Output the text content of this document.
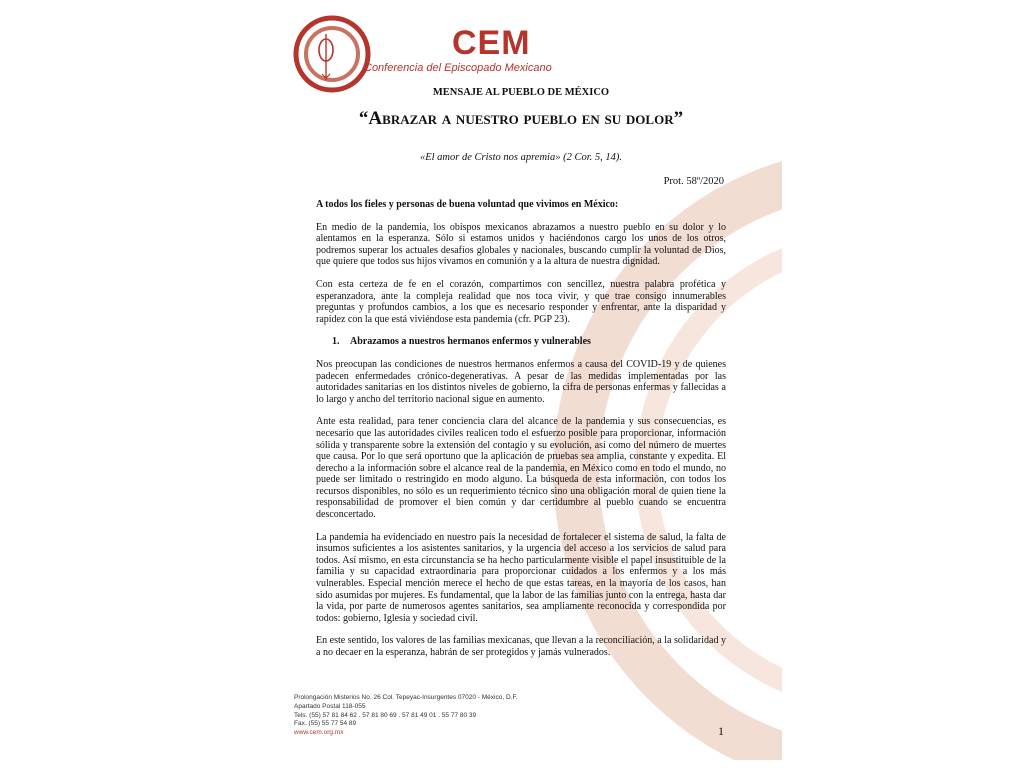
CEM
Conferencia del Episcopado Mexicano
MENSAJE AL PUEBLO DE MÉXICO
“Abrazar a nuestro pueblo en su dolor”
«El amor de Cristo nos apremia» (2 Cor. 5, 14).
Prot. 58º/2020

A todos los fieles y personas de buena voluntad que vivimos en México:

En medio de la pandemia, los obispos mexicanos abrazamos a nuestro pueblo en su dolor y lo alentamos en la esperanza. Sólo si estamos unidos y haciéndonos cargo los unos de los otros, podremos superar los actuales desafíos globales y nacionales, buscando cumplir la voluntad de Dios, que quiere que todos sus hijos vivamos en comunión y a la altura de nuestra dignidad.

Con esta certeza de fe en el corazón, compartimos con sencillez, nuestra palabra profética y esperanzadora, ante la compleja realidad que nos toca vivir, y que trae consigo innumerables preguntas y profundos cambios, a los que es necesario responder y enfrentar, ante la disparidad y rapidez con la que está viviéndose esta pandemia (cfr. PGP 23).

1. Abrazamos a nuestros hermanos enfermos y vulnerables

Nos preocupan las condiciones de nuestros hermanos enfermos a causa del COVID-19 y de quienes padecen enfermedades crónico-degenerativas. A pesar de las medidas implementadas por las autoridades sanitarias en los distintos niveles de gobierno, la cifra de personas enfermas y fallecidas a lo largo y ancho del territorio nacional sigue en aumento.

Ante esta realidad, para tener conciencia clara del alcance de la pandemia y sus consecuencias, es necesario que las autoridades civiles realicen todo el esfuerzo posible para proporcionar, información sólida y transparente sobre la extensión del contagio y su evolución, así como del número de muertes que causa. Por lo que será oportuno que la aplicación de pruebas sea amplia, constante y expedita. El derecho a la información sobre el alcance real de la pandemia, en México como en todo el mundo, no puede ser limitado o restringido en modo alguno. La búsqueda de esta información, con todos los recursos disponibles, no sólo es un requerimiento técnico sino una obligación moral de quien tiene la responsabilidad de promover el bien común y dar certidumbre al pueblo cuando se encuentra desconcertado.

La pandemia ha evidenciado en nuestro país la necesidad de fortalecer el sistema de salud, la falta de insumos suficientes a los asistentes sanitarios, y la urgencia del acceso a los servicios de salud para todos. Así mismo, en esta circunstancia se ha hecho particularmente visible el papel insustituible de la familia y su capacidad extraordinaria para proporcionar cuidados a los enfermos y a los más vulnerables. Especial mención merece el hecho de que estas tareas, en la mayoría de los casos, han sido asumidas por mujeres. Es fundamental, que la labor de las familias junto con la entrega, hasta dar la vida, por parte de numerosos agentes sanitarios, sea ampliamente reconocida y correspondida por todos: gobierno, Iglesia y sociedad civil.

En este sentido, los valores de las familias mexicanas, que llevan a la reconciliación, a la solidaridad y a no decaer en la esperanza, habrán de ser protegidos y jamás vulnerados.

Prolongación Misterios No. 26 Col. Tepeyac-Insurgentes 07020 - México, D.F.
Apartado Postal 118-055
Tels. (55) 57 81 84 62 . 57 81 80 69 . 57 81 49 01 . 55 77 80 39
Fax. (55) 55 77 54 89
www.cem.org.mx	1
